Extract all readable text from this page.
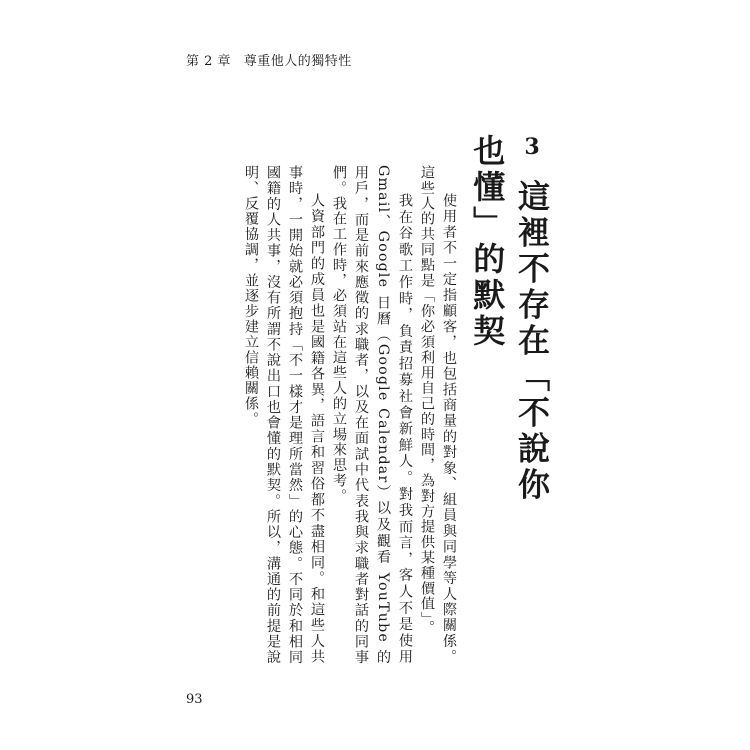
第 2 章 尊重他人的獨特性
3 這裡不存在「不說你也懂」的默契

使用者不一定指顧客，也包括商量的對象、組員與同學等人際關係。這些人的共同點是「你必須利用自己的時間，為對方提供某種價值」。

我在谷歌工作時，負責招募社會新鮮人。對我而言，客人不是使用 Gmail、Google 日曆（Google Calendar）以及觀看 YouTube 的用戶，而是前來應徵的求職者，以及在面試中代表我與求職者對話的同事們。我在工作時，必須站在這些人的立場來思考。

人資部門的成員也是國籍各異，語言和習俗都不盡相同。和這些人共事時，一開始就必須抱持「不一樣才是理所當然」的心態。不同於和相同國籍的人共事，沒有所謂不說出口也會懂的默契。所以，溝通的前提是說明、反覆協調，並逐步建立信賴關係。

93
